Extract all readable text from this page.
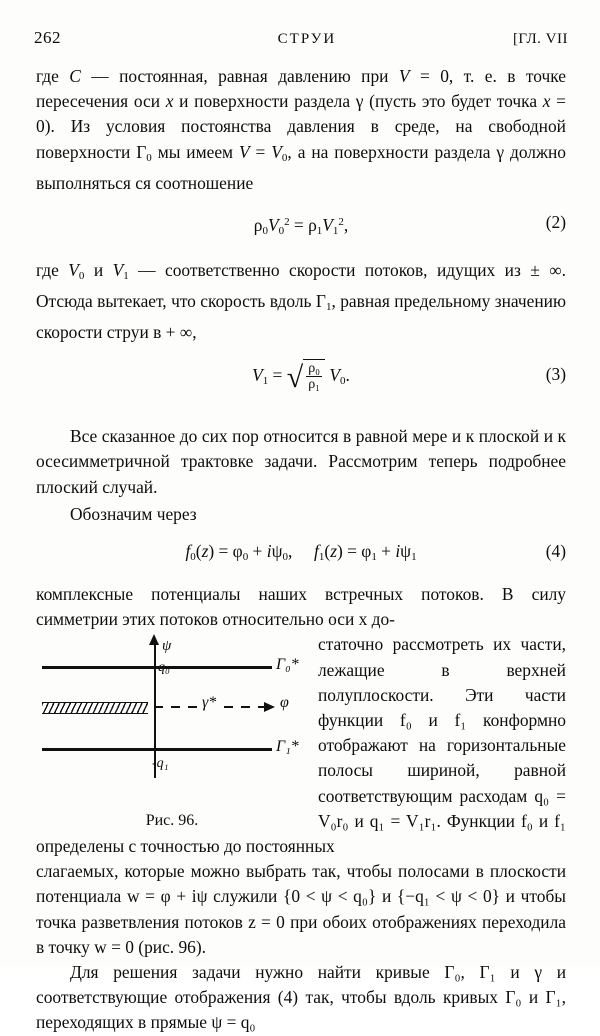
262	СТРУИ	[ГЛ. VII

где C — постоянная, равная давлению при V = 0, т. е. в точке пересечения оси x и поверхности раздела γ (пусть это будет точка x = 0). Из условия постоянства давления в среде, на свободной поверхности $Г_0$ мы имеем $V = V_0$, а на поверхности раздела γ должно выполняться ся соотношение

$\rho_0V_0^2 = \rho_1V_1^2$,	(2)

где $V_0$ и $V_1$ — соответственно скорости потоков, идущих из ± ∞. Отсюда вытекает, что скорость вдоль $Г_1$, равная предельному значению скорости струи в + ∞,

$V_1$ = √ $\frac{\text{ρ₀}}{\text{ρ₁}} V_0$.	(3)

Все сказанное до сих пор относится в равной мере и к плоской и к осесимметричной трактовке задачи. Рассмотрим теперь подробнее плоский случай.

Обозначим через

$f_0(z) = \varphi_0 + i\psi_0$,     $f_1(z) = \varphi_1 + i\psi_1$	(4)

комплексные потенциалы наших встречных потоков. В силу симметрии этих потоков относительно оси x до-

ψ
Γ₀*
γ*	φ
Γ₁*
-q₁
Рис. 96.
статочно рассмотреть их части, лежащие в верхней полуплоскости. Эти части функции f₀ и f₁ конформно отображают на горизонтальные полосы шириной, равной соответствующим расходам q₀ = V₀r₀ и q₁ = V₁r₁. Функции f₀ и f₁ определены с точностью до постоянных

слагаемых, которые можно выбрать так, чтобы полосами в плоскости потенциала w = φ + iψ служили {0 < ψ < q₀} и {−q₁ < ψ < 0} и чтобы точка разветвления потоков z = 0 при обоих отображениях переходила в точку w = 0 (рис. 96).

Для решения задачи нужно найти кривые Γ₀, Γ₁ и γ и соответствующие отображения (4) так, чтобы вдоль кривых Γ₀ и Γ₁, переходящих в прямые ψ = q₀
